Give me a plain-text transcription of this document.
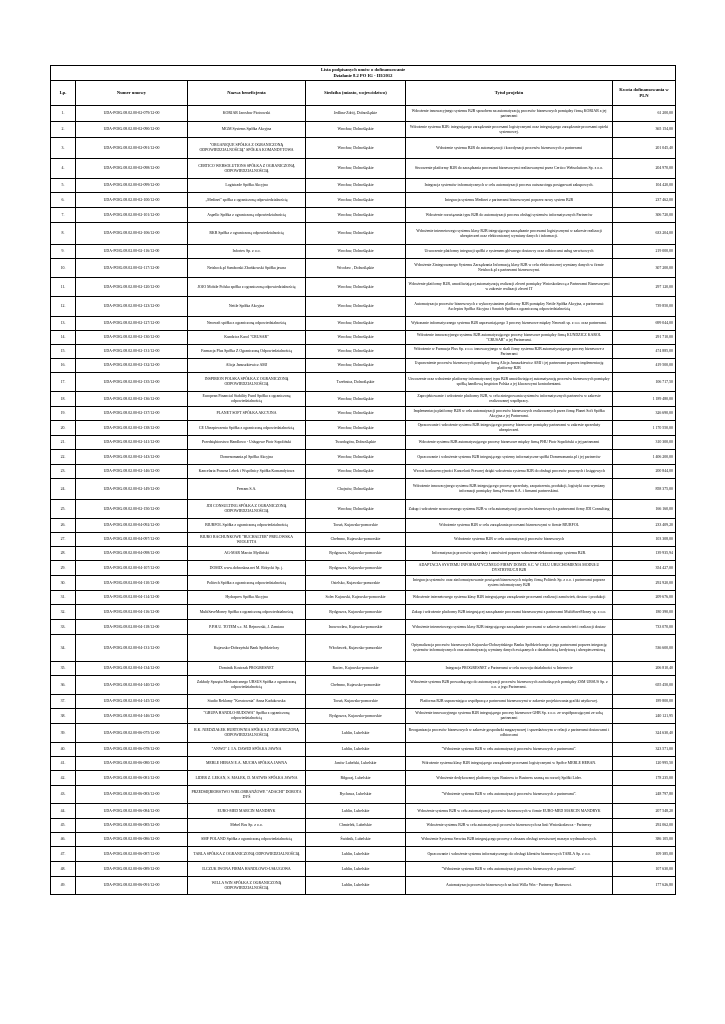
Lista podpisanych umów o dofinansowanie
Działanie 8.2 PO IG - III/2012					

Lp.	Numer umowy	Nazwa beneficjenta	Siedziba (miasto, województwo)	Tytuł projektu	Kwota dofinansowania w PLN
1.	UDA-POIG.08.02.00-02-079/12-00	KORJAR Jarosław Piotrowski	Jedlina-Zdrój, Dolnośląskie	Wdrożenie innowacyjnego systemu B2B sposobem na automatyzację procesów biznesowych pomiędzy firmą KORJAR a jej partnerami	61 200,00
2.	UDA-POIG.08.02.00-02-090/12-00	MGM Systems Spółka Akcyjna	Wrocław, Dolnośląskie	Wdrożenie systemu B2B: integrującego zarządzanie procesami logistycznymi oraz integrującego zarządzanie procesami opieki systemowej.	365 154,00
3.	UDA-POIG.08.02.00-02-091/12-00	"ORGANIQUE SPÓŁKA Z OGRANICZONĄ ODPOWIEDZIALNOŚCIĄ" SPÓŁKA KOMANDYTOWA	Wrocław, Dolnośląskie	Wdrożenie systemu B2B do automatyzacji i koordynacji procesów biznesowych z partnerami	201 045,40
4.	UDA-POIG.08.02.00-02-098/12-00	CERTICO WEBSOLUTIONS SPÓŁKA Z OGRANICZONĄ ODPOWIEDZIALNOŚCIĄ	Wrocław, Dolnośląskie	Stworzenie platformy B2B do zarządzania procesami biznesowymi realizowanymi przez Certico Websolutions Sp. z o.o.	204 970,00
5.	UDA-POIG.08.02.00-02-099/12-00	Logistrade Spółka Akcyjna	Wrocław, Dolnośląskie	Integracja systemów informatycznych w celu automatyzacji procesu outsourcingu postępowań zakupowych.	104 420,00
6.	UDA-POIG.08.02.00-02-100/12-00	„Medinet" spółka z ograniczoną odpowiedzialnością	Wrocław, Dolnośląskie	Integracja systemu Medinet z partnerami biznesowymi poprzez nowy system B2B	237 462,00
7.	UDA-POIG.08.02.00-02-101/12-00	Aspello Spółka z ograniczoną odpowiedzialnością	Wrocław, Dolnośląskie	Wdrożenie rozwiązania typu B2B do automatyzacji procesu obsługi systemów informatycznych Partnerów	306 720,00
8.	UDA-POIG.08.02.00-02-106/12-00	RKB Spółka z ograniczoną odpowiedzialnością	Wrocław, Dolnośląskie	Wdrożenie internetowego systemu klasy B2B integrującego zarządzanie procesami logistycznymi w zakresie realizacji ubezpieczeń oraz elektronicznej wymiany danych i informacji.	633 204,00
9.	UDA-POIG.08.02.00-02-116/12-00	Infortex Sp. z o.o.	Wrocław, Dolnośląskie	Utworzenie platformy integracji spółki z systemem głównego dostawcy oraz odbiorcami usług serwisowych	219 000,00
10.	UDA-POIG.08.02.00-02-117/12-00	Netshock.pl Samborski Zbońkowski Spółka jawna	Wrocław , Dolnośląskie	Wdrożenie Zintegrowanego Systemu Zarządzania Informacją klasy B2B w celu elektronicznej wymiany danych w firmie Netshock.pl z partnerami biznesowymi.	307 200,00
11.	UDA-POIG.08.02.00-02-120/12-00	JOJO Mobile Polska spółka z ograniczoną odpowiedzialnością	Wrocław, Dolnośląskie	Wdrożenie platformy B2B, umożliwiającej automatyzację realizacji zleceń pomiędzy Wnioskodawcą a Partnerami Biznesowymi w zakresie realizacji zleceń IT	297 120,00
12.	UDA-POIG.08.02.00-02-123/12-00	Nettle Spółka Akcyjna	Wrocław, Dolnośląskie	Automatyzacja procesów biznesowych z wykorzystaniem platformy B2B pomiędzy Nettle Spółka Akcyjna, a partnerami: Asclepios Spółka Akcyjna i Saratoh Spółka z ograniczoną odpowiedzialnością	739 850,00
13.	UDA-POIG.08.02.00-02-127/12-00	Neoeraft spółka z ograniczoną odpowiedzialnością	Wrocław, Dolnośląskie	Wykonanie informatycznego systemu B2B usprawniającego 3 procesy biznesowe między Neoeraft sp. z o.o. oraz partnerami.	699 044,00
14.	UDA-POIG.08.02.00-02-130/12-00	Kundzicz Karol "CRUSAR"	Wrocław, Dolnośląskie	Wdrożenie innowacyjnego systemu B2B automatyzującego procesy biznesowe pomiędzy firmą KUNDZICZ KAROL "CRUSAR" a jej Partnerami.	291 710,00
15.	UDA-POIG.08.02.00-02-131/12-00	Farmacja Plus Spółka Z Ograniczoną Odpowiedzialnością	Wrocław, Dolnośląskie	Wdrożenie w Farmacja Plus Sp. z o.o. innowacyjnego w skali firmy systemu B2B automatyzującego procesy biznesowe z Partnerami	474 885,00
16.	UDA-POIG.08.02.00-02-132/12-00	Alicja Januszkiewicz AMJ	Wrocław, Dolnośląskie	Usprawnienie procesów biznesowych pomiędzy firmą Alicja Januszkiewicz AMJ i jej partnerami poprzez implementację platformy B2B	419 500,00
17.	UDA-POIG.08.02.00-02-135/12-00	INSPIRION POLSKA SPÓŁKA Z OGRANICZONĄ ODPOWIEDZIALNOŚCIĄ	Trzebnica, Dolnośląskie	Utworzenie oraz wdrożenie platformy informatycznej typu B2B umożliwiającej automatyzację procesów biznesowych pomiędzy spółką handlową Inspirion Polska a jej kluczowymi kontrahentami.	106 717,50
18.	UDA-POIG.08.02.00-02-136/12-00	European Financial Stability Fund Spółka z ograniczoną odpowiedzialnością	Wrocław, Dolnośląskie	Zaprojektowanie i wdrożenie platformy B2B, w celu zintegrowania systemów informatycznych partnerów w zakresie realizowanej współpracy.	1 189 480,00
19.	UDA-POIG.08.02.00-02-137/12-00	PLANET SOFT SPÓŁKA AKCYJNA	Wrocław, Dolnośląskie	Implementacja platformy B2B w celu automatyzacji procesów biznesowych realizowanych przez firmę Planet Soft Spółka Akcyjna z jej Partnerami.	326 690,00
20.	UDA-POIG.08.02.00-02-138/12-00	CE Ubezpieczenia Spółka z ograniczoną odpowiedzialnością	Wrocław, Dolnośląskie	Opracowanie i wdrożenie systemu B2B integrującego procesy biznesowe pomiędzy partnerami w zakresie sprzedaży ubezpieczeń.	1 170 550,00
21.	UDA-POIG.08.02.00-02-141/12-00	Przedsiębiorstwo Handlowo - Usługowe Piotr Sopoliński	Twardogóra, Dolnośląskie	Wdrożenie systemu B2B automatyzującego procesy biznesowe między firmą PHU Piotr Sopoliński a jej partnerami	310 300,00
22.	UDA-POIG.08.02.00-02-143/12-00	Domenomania.pl Spółka Akcyjna	Wrocław, Dolnośląskie	Opracowanie i wdrożenie systemu B2B integrującego systemy informatyczne spółki Domenomania.pl i jej partnerów	1 406 200,00
23.	UDA-POIG.08.02.00-02-146/12-00	Kancelaria Prawna Lebek i Wspólnicy Spółka Komandytowa	Wrocław, Dolnośląskie	Wzrost konkurencyjności Kancelarii Prawnej dzięki wdrożeniu systemu B2B do obsługi procesów prawnych i księgowych	200 844,00
24.	UDA-POIG.08.02.00-02-149/12-00	Feeram S.A.	Chojnów, Dolnośląskie	Wdrożenie innowacyjnego systemu B2B integrującego procesy sprzedaży, zaopatrzenia, produkcji, logistyki oraz wymiany informacji pomiędzy firmą Feeram S.A. i firmami partnerskimi.	858 375,00
25.	UDA-POIG.08.02.00-02-150/12-00	JDI CONSULTING SPÓŁKA Z OGRANICZONĄ ODPOWIEDZIALNOŚCIĄ	Wrocław, Dolnośląskie	Zakup i wdrożenie nowoczesnego systemu B2B w celu automatyzacji procesów biznesowych z partnerami firmy JDI Consulting	166 160,00
26.	UDA-POIG.08.02.00-04-092/12-00	BIURFOL Spółka z ograniczoną odpowiedzialnością	Toruń, Kujawsko-pomorskie	Wdrożenie systemu B2B w celu zarządzania procesami biznesowymi w firmie BIURFOL	233 409,20
27.	UDA-POIG.08.02.00-04-097/12-00	BIURO RACHUNKOWE "BUCHALTER" PRELOWSKA WIOLETTA	Chełmno, Kujawsko-pomorskie	Wdrożenie systemu B2B w celu automatyzacji procesów biznesowych	103 308,00
28.	UDA-POIG.08.02.00-04-098/12-00	AG-MAR Marcin Myśliński	Bydgoszcz, Kujawsko-pomorskie	Informatyzacja procesów sprzedaży i zamówień poprzez wdrożenie elektronicznego systemu B2B.	139 935,94
29.	UDA-POIG.08.02.00-04-107/12-00	DOMIX www.dobroskna.net M. Różycki Sp. j.	Bydgoszcz, Kujawsko-pomorskie	ADAPTACJA SYSTEMU INFORMATYCZNEGO FIRMY DOMIX S.C. W CELU URUCHOMIENIA MODUŁU DYSTRYBUCJI B2B	354 427,00
30.	UDA-POIG.08.02.00-04-110/12-00	Politech Spółka z ograniczoną odpowiedzialnością	Osielsko, Kujawsko-pomorskie	Integracja systemów oraz zinformatyzowanie powiązań biznesowych między firmą Politech Sp. z o.o. i partnerami poprzez system informatyczny B2B	292 920,00
31.	UDA-POIG.08.02.00-04-114/12-00	Hydraprex Spółka Akcyjna	Solec Kujawski, Kujawsko-pomorskie	Wdrożenie internetowego systemu klasy B2B integrującego zarządzanie procesami realizacji zamówień, dostaw i produkcji	209 676,00
32.	UDA-POIG.08.02.00-04-116/12-00	MultiSaveMoney Spółka z ograniczoną odpowiedzialnością	Bydgoszcz, Kujawsko-pomorskie	Zakup i wdrożenie platformy B2B integrującej zarządzanie procesami biznesowymi z partnerami MultiSaveMoney sp. z o.o.	180 390,00
33.	UDA-POIG.08.02.00-04-118/12-00	P.P.H.U. TOTEM s.c. M. Rejnowski, J. Zamiara	Inowrocław, Kujawsko-pomorskie	Wdrożenie internetowego systemu klasy B2B integrującego zarządzanie procesami w zakresie zamówień i realizacji dostaw	733 070,00
34.	UDA-POIG.08.02.00-04-131/12-00	Kujawsko-Dobrzyński Bank Spółdzielczy	Włocławek, Kujawsko-pomorskie	Optymalizacja procesów biznesowych Kujawsko-Dobrzyńskiego Banku Spółdzielczego z jego partnerami poprzez integrację systemów informatycznych oraz automatyzację wymiany danych związanych z działalnością kredytową i ubezpieczeniową	536 600,00
35.	UDA-POIG.08.02.00-04-134/12-00	Dominik Kostrzak PROGRESNET	Raciec, Kujawsko-pomorskie	Integracja PROGRESNET z Partnerami w celu rozwoju działalności w Internecie	206 810,40
36.	UDA-POIG.08.02.00-04-140/12-00	Zakłady Sprzętu Mechanicznego URSUS Spółka z ograniczoną odpowiedzialnością	Chełmno, Kujawsko-pomorskie	Wdrożenie systemu B2B prowadzącego do automatyzacji procesów biznesowych zachodzących pomiędzy ZSM URSUS Sp. z o.o. a jego Partnerami.	655 450,00
37.	UDA-POIG.08.02.00-04-145/12-00	Studio Reklamy "Kreatownia" Anna Kadukowska	Toruń, Kujawsko-pomorskie	Platforma B2B usprawniająca współpracę z partnerami biznesowymi w zakresie projektowania grafiki użytkowej.	189 800,00
38.	UDA-POIG.08.02.00-04-146/12-00	"GRUPA HANDLO-BUDOWA" Spółka z ograniczoną odpowiedzialnością	Bydgoszcz, Kujawsko-pomorskie	Wdrożenie innowacyjnego systemu B2B integrującego procesy biznesowe GHB Sp. z o.o. ze współpracującymi ze sobą partnerami	240 121,95
39.	UDA-POIG.08.02.00-06-075/12-00	R.K. NIEDZIAŁEK HURTOWNIA SPÓŁKA Z OGRANICZONĄ ODPOWIEDZIALNOŚCIĄ	Lublin, Lubelskie	Reorganizacja procesów biznesowych w zakresie gospodarki magazynowej i sprzedażowym w relacji z partnerami dostawcami i odbiorcami	324 630,40
40.	UDA-POIG.08.02.00-06-078/12-00	"ANWO" J. I A. DAWID SPÓŁKA JAWNA	Lublin, Lubelskie	"Wdrożenie systemu B2B w celu automatyzacji procesów biznesowych z partnerami".	323 571,00
41.	UDA-POIG.08.02.00-06-080/12-00	MEBLE HEBAN E.A. MUCHA SPÓŁKA JAWNA	Janów Lubelski, Lubelskie	Wdrożenie systemu klasy B2B integrującego zarządzanie procesami logistycznymi w Spółce MEBLE HEBAN.	120 995,50
42.	UDA-POIG.08.02.00-06-081/12-00	LIDER Z. LEKAN, S. MAŁEK, D. MATWIS SPÓŁKA JAWNA	Biłgoraj, Lubelskie	Wdrożenie dedykowanej platformy typu Business to Business szansą na rozwój Spółki Lider.	178 235,00
43.	UDA-POIG.08.02.00-06-083/12-00	PRZEDSIĘBIORSTWO WIELOBRANŻOWE "ADACHI" DOROTA DYŚ	Bychawa, Lubelskie	"Wdrożenie systemu B2B w celu automatyzacji procesów biznesowych z partnerami".	248 797,80
44.	UDA-POIG.08.02.00-06-084/12-00	EURO-MED MARCIN MANDRYK	Lublin, Lubelskie	Wdrożenie systemu B2B w celu automatyzacji procesów biznesowych w firmie EURO-MED MARCIN MANDRYK	207 548,20
45.	UDA-POIG.08.02.00-06-085/12-00	Mebel Bos Sp. z o.o.	Chmielek, Lubelskie	Wdrożenie systemu B2B w celu automatyzacji procesów biznesowych na linii Wnioskodawca - Partnerzy	292 062,00
46.	UDA-POIG.08.02.00-06-086/12-00	SMF POLAND Spółka z ograniczoną odpowiedzialnością	Świdnik, Lubelskie	Wdrożenie Systemu Serwisu B2B integrującego procesy z obszaru obsługi serwisowej maszyn wydmuchowych.	386 105,00
47.	UDA-POIG.08.02.00-06-087/12-00	TABLA SPÓŁKA Z OGRANICZONĄ ODPOWIEDZIALNOŚCIĄ	Lublin, Lubelskie	Opracowanie i wdrożenie systemu informatycznego do obsługi klientów biznesowych TABLA Sp. z o.o.	109 385,00
48.	UDA-POIG.08.02.00-06-089/12-00	ILCZUK IWONA FIRMA HANDLOWO-USŁUGOWA	Lublin, Lubelskie	"Wdrożenie systemu B2B w celu automatyzacji procesów biznesowych z partnerami".	107 630,00
49.	UDA-POIG.08.02.00-06-091/12-00	WILLA WIN SPÓŁKA Z OGRANICZONĄ ODPOWIEDZIALNOŚCIĄ	Lublin, Lubelskie	Automatyzacja procesów biznesowych na linii Willa Win - Partnerzy Biznesowi.	177 626,80
